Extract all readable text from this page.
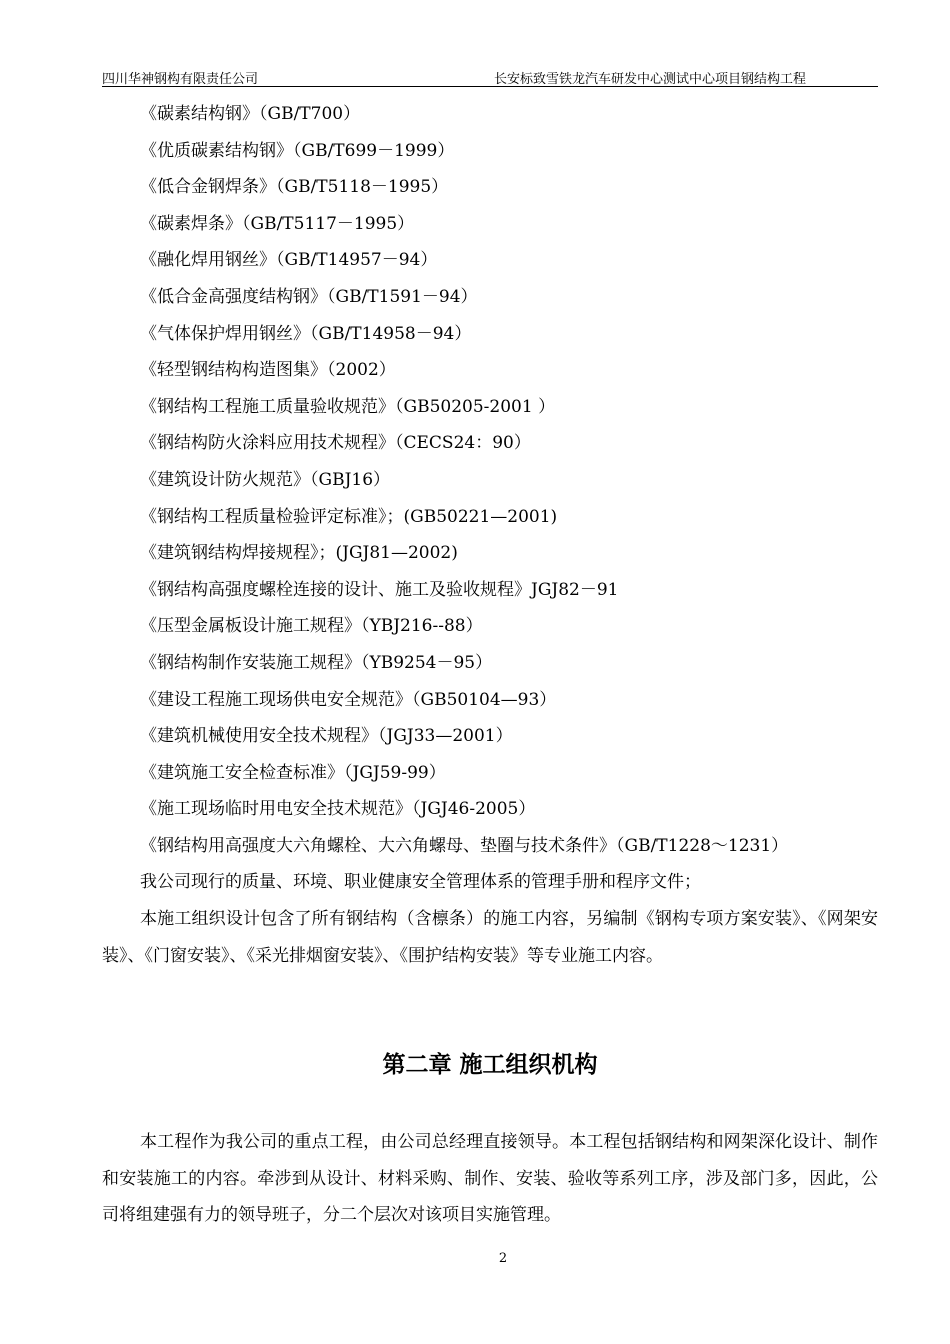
四川华神钢构有限责任公司	长安标致雪铁龙汽车研发中心测试中心项目钢结构工程
《碳素结构钢》（GB/T700）
《优质碳素结构钢》（GB/T699－1999）
《低合金钢焊条》（GB/T5118－1995）
《碳素焊条》（GB/T5117－1995）
《融化焊用钢丝》（GB/T14957－94）
《低合金高强度结构钢》（GB/T1591－94）
《气体保护焊用钢丝》（GB/T14958－94）
《轻型钢结构构造图集》（2002）
《钢结构工程施工质量验收规范》（GB50205-2001 ）
《钢结构防火涂料应用技术规程》（CECS24：90）
《建筑设计防火规范》（GBJ16）
《钢结构工程质量检验评定标准》；(GB50221—2001)
《建筑钢结构焊接规程》；(JGJ81—2002)
《钢结构高强度螺栓连接的设计、施工及验收规程》JGJ82－91
《压型金属板设计施工规程》（YBJ216--88）
《钢结构制作安装施工规程》（YB9254－95）
《建设工程施工现场供电安全规范》（GB50104—93）
《建筑机械使用安全技术规程》（JGJ33—2001）
《建筑施工安全检查标准》（JGJ59-99）
《施工现场临时用电安全技术规范》（JGJ46-2005）
《钢结构用高强度大六角螺栓、大六角螺母、垫圈与技术条件》（GB/T1228～1231）

我公司现行的质量、环境、职业健康安全管理体系的管理手册和程序文件；

本施工组织设计包含了所有钢结构（含檩条）的施工内容，另编制《钢构专项方案安装》、《网架安装》、《门窗安装》、《采光排烟窗安装》、《围护结构安装》等专业施工内容。

第二章 施工组织机构

本工程作为我公司的重点工程，由公司总经理直接领导。本工程包括钢结构和网架深化设计、制作和安装施工的内容。牵涉到从设计、材料采购、制作、安装、验收等系列工序，涉及部门多，因此，公司将组建强有力的领导班子，分二个层次对该项目实施管理。

2
